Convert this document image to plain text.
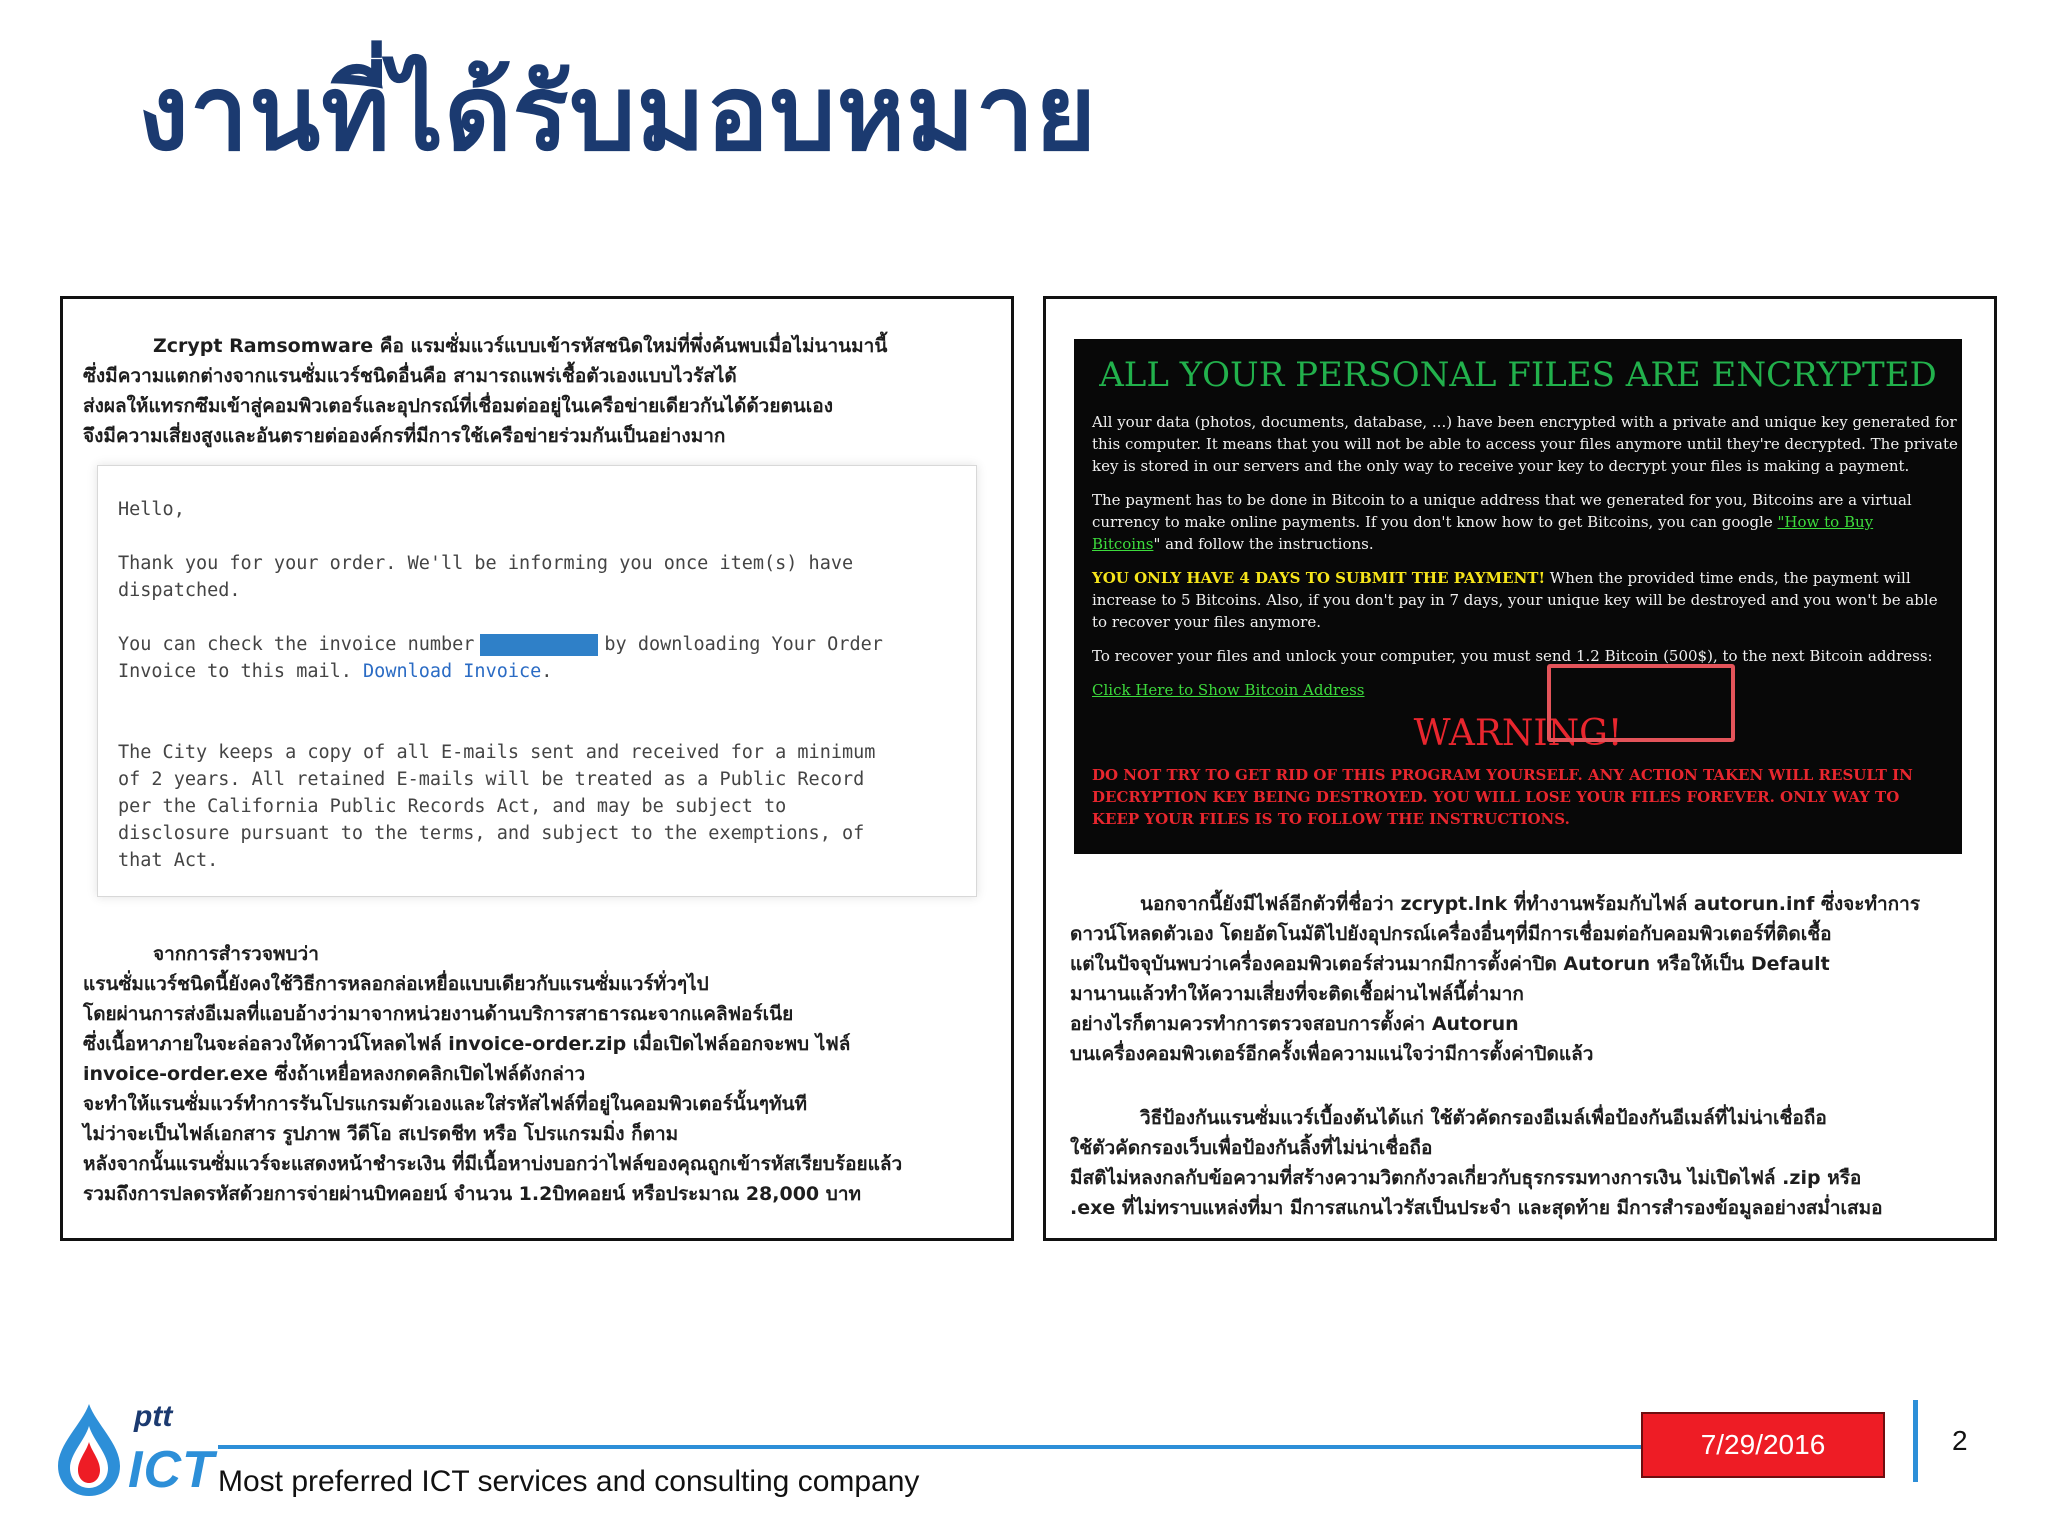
งานที่ได้รับมอบหมาย
Zcrypt Ramsomware คือ แรมซั่มแวร์แบบเข้ารหัสชนิดใหม่ที่พึ่งค้นพบเมื่อไม่นานมานี้
ซึ่งมีความแตกต่างจากแรนซั่มแวร์ชนิดอื่นคือ สามารถแพร่เชื้อตัวเองแบบไวรัสได้
ส่งผลให้แทรกซึมเข้าสู่คอมพิวเตอร์และอุปกรณ์ที่เชื่อมต่ออยู่ในเครือข่ายเดียวกันได้ด้วยตนเอง
จึงมีความเสี่ยงสูงและอันตรายต่อองค์กรที่มีการใช้เครือข่ายร่วมกันเป็นอย่างมาก
Hello,
Thank you for your order. We'll be informing you once item(s) have
dispatched.
You can check the invoice number	by downloading Your Order
Invoice to this mail. Download Invoice.
The City keeps a copy of all E-mails sent and received for a minimum
of 2 years. All retained E-mails will be treated as a Public Record
per the California Public Records Act, and may be subject to
disclosure pursuant to the terms, and subject to the exemptions, of
that Act.
จากการสำรวจพบว่า
แรนซั่มแวร์ชนิดนี้ยังคงใช้วิธีการหลอกล่อเหยื่อแบบเดียวกับแรนซั่มแวร์ทั่วๆไป
โดยผ่านการส่งอีเมลที่แอบอ้างว่ามาจากหน่วยงานด้านบริการสาธารณะจากแคลิฟอร์เนีย
ซึ่งเนื้อหาภายในจะล่อลวงให้ดาวน์โหลดไฟล์ invoice-order.zip เมื่อเปิดไฟล์ออกจะพบ ไฟล์
invoice-order.exe ซึ่งถ้าเหยื่อหลงกดคลิกเปิดไฟล์ดังกล่าว
จะทำให้แรนซั่มแวร์ทำการรันโปรแกรมตัวเองและใส่รหัสไฟล์ที่อยู่ในคอมพิวเตอร์นั้นๆทันที
ไม่ว่าจะเป็นไฟล์เอกสาร รูปภาพ วีดีโอ สเปรดชีท หรือ โปรแกรมมิ่ง ก็ตาม
หลังจากนั้นแรนซั่มแวร์จะแสดงหน้าชำระเงิน ที่มีเนื้อหาบ่งบอกว่าไฟล์ของคุณถูกเข้ารหัสเรียบร้อยแล้ว
รวมถึงการปลดรหัสด้วยการจ่ายผ่านบิทคอยน์ จำนวน 1.2บิทคอยน์ หรือประมาณ 28,000 บาท
ALL YOUR PERSONAL FILES ARE ENCRYPTED
All your data (photos, documents, database, ...) have been encrypted with a private and unique key generated for
this computer. It means that you will not be able to access your files anymore until they're decrypted. The private
key is stored in our servers and the only way to receive your key to decrypt your files is making a payment.
The payment has to be done in Bitcoin to a unique address that we generated for you, Bitcoins are a virtual
currency to make online payments. If you don't know how to get Bitcoins, you can google "How to Buy
Bitcoins" and follow the instructions.
YOU ONLY HAVE 4 DAYS TO SUBMIT THE PAYMENT! When the provided time ends, the payment will
increase to 5 Bitcoins. Also, if you don't pay in 7 days, your unique key will be destroyed and you won't be able
to recover your files anymore.
To recover your files and unlock your computer, you must send 1.2 Bitcoin (500$), to the next Bitcoin address:
Click Here to Show Bitcoin Address
WARNING!
DO NOT TRY TO GET RID OF THIS PROGRAM YOURSELF. ANY ACTION TAKEN WILL RESULT IN
DECRYPTION KEY BEING DESTROYED. YOU WILL LOSE YOUR FILES FOREVER. ONLY WAY TO
KEEP YOUR FILES IS TO FOLLOW THE INSTRUCTIONS.
นอกจากนี้ยังมีไฟล์อีกตัวที่ชื่อว่า zcrypt.lnk ที่ทำงานพร้อมกับไฟล์ autorun.inf ซึ่งจะทำการ
ดาวน์โหลดตัวเอง โดยอัตโนมัติไปยังอุปกรณ์เครื่องอื่นๆที่มีการเชื่อมต่อกับคอมพิวเตอร์ที่ติดเชื้อ
แต่ในปัจจุบันพบว่าเครื่องคอมพิวเตอร์ส่วนมากมีการตั้งค่าปิด Autorun หรือให้เป็น Default
มานานแล้วทำให้ความเสี่ยงที่จะติดเชื้อผ่านไฟล์นี้ต่ำมาก
อย่างไรก็ตามควรทำการตรวจสอบการตั้งค่า Autorun
บนเครื่องคอมพิวเตอร์อีกครั้งเพื่อความแน่ใจว่ามีการตั้งค่าปิดแล้ว
วิธีป้องกันแรนซั่มแวร์เบื้องต้นได้แก่ ใช้ตัวคัดกรองอีเมล์เพื่อป้องกันอีเมล์ที่ไม่น่าเชื่อถือ
ใช้ตัวคัดกรองเว็บเพื่อป้องกันลิ้งที่ไม่น่าเชื่อถือ
มีสติไม่หลงกลกับข้อความที่สร้างความวิตกกังวลเกี่ยวกับธุรกรรมทางการเงิน ไม่เปิดไฟล์ .zip หรือ
.exe ที่ไม่ทราบแหล่งที่มา มีการสแกนไวรัสเป็นประจำ และสุดท้าย มีการสำรองข้อมูลอย่างสม่ำเสมอ
ptt
ICT Most preferred ICT services and consulting company
7/29/2016	2
